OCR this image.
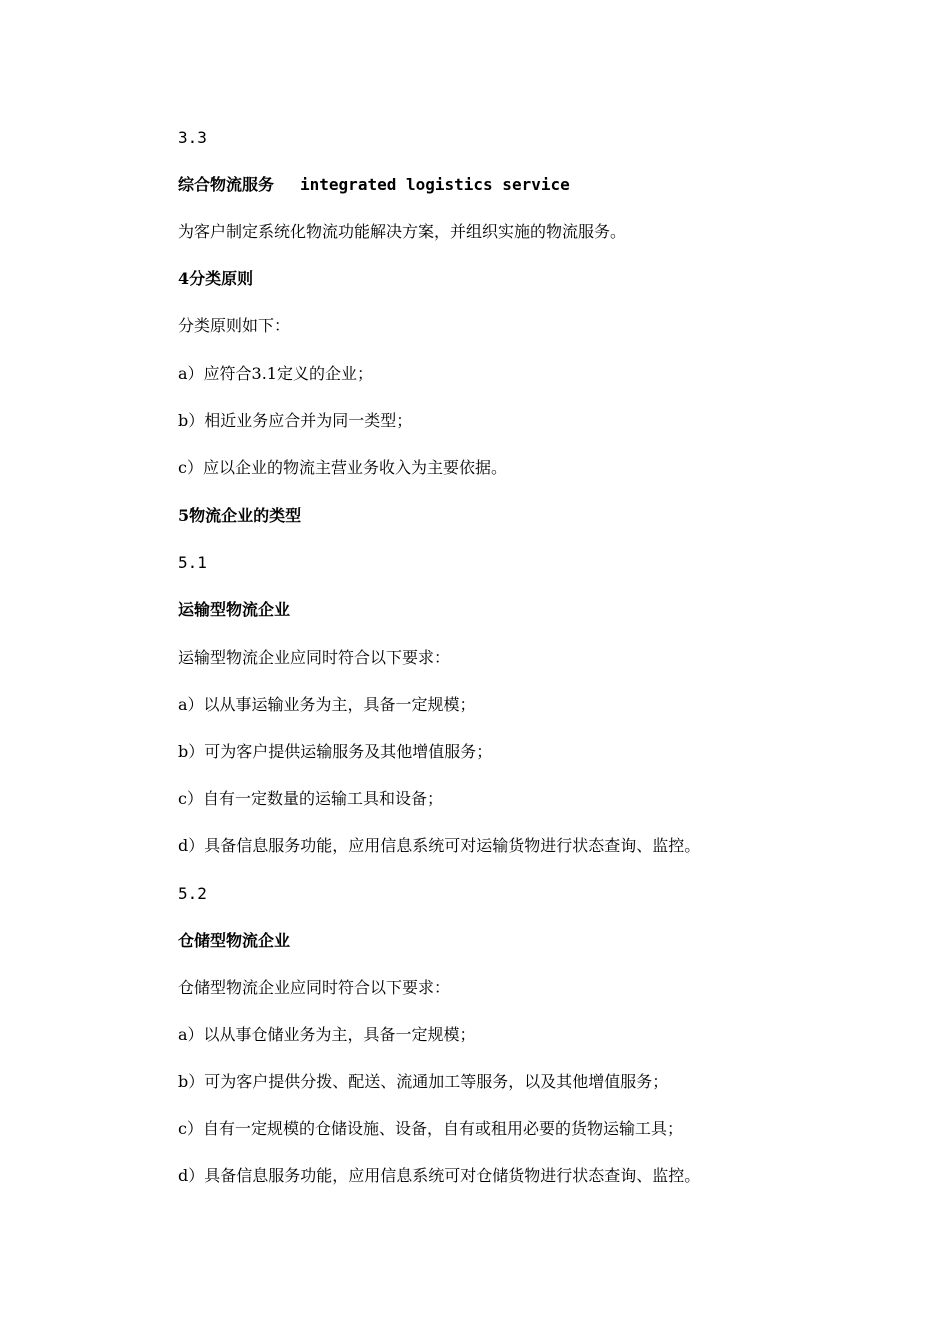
3.3

综合物流服务 integrated logistics service

为客户制定系统化物流功能解决方案，并组织实施的物流服务。

4分类原则

分类原则如下：

a）应符合3.1定义的企业；

b）相近业务应合并为同一类型；

c）应以企业的物流主营业务收入为主要依据。

5物流企业的类型

5.1

运输型物流企业

运输型物流企业应同时符合以下要求：

a）以从事运输业务为主，具备一定规模；

b）可为客户提供运输服务及其他增值服务；

c）自有一定数量的运输工具和设备；

d）具备信息服务功能，应用信息系统可对运输货物进行状态查询、监控。

5.2

仓储型物流企业

仓储型物流企业应同时符合以下要求：

a）以从事仓储业务为主，具备一定规模；

b）可为客户提供分拨、配送、流通加工等服务，以及其他增值服务；

c）自有一定规模的仓储设施、设备，自有或租用必要的货物运输工具；

d）具备信息服务功能，应用信息系统可对仓储货物进行状态查询、监控。
